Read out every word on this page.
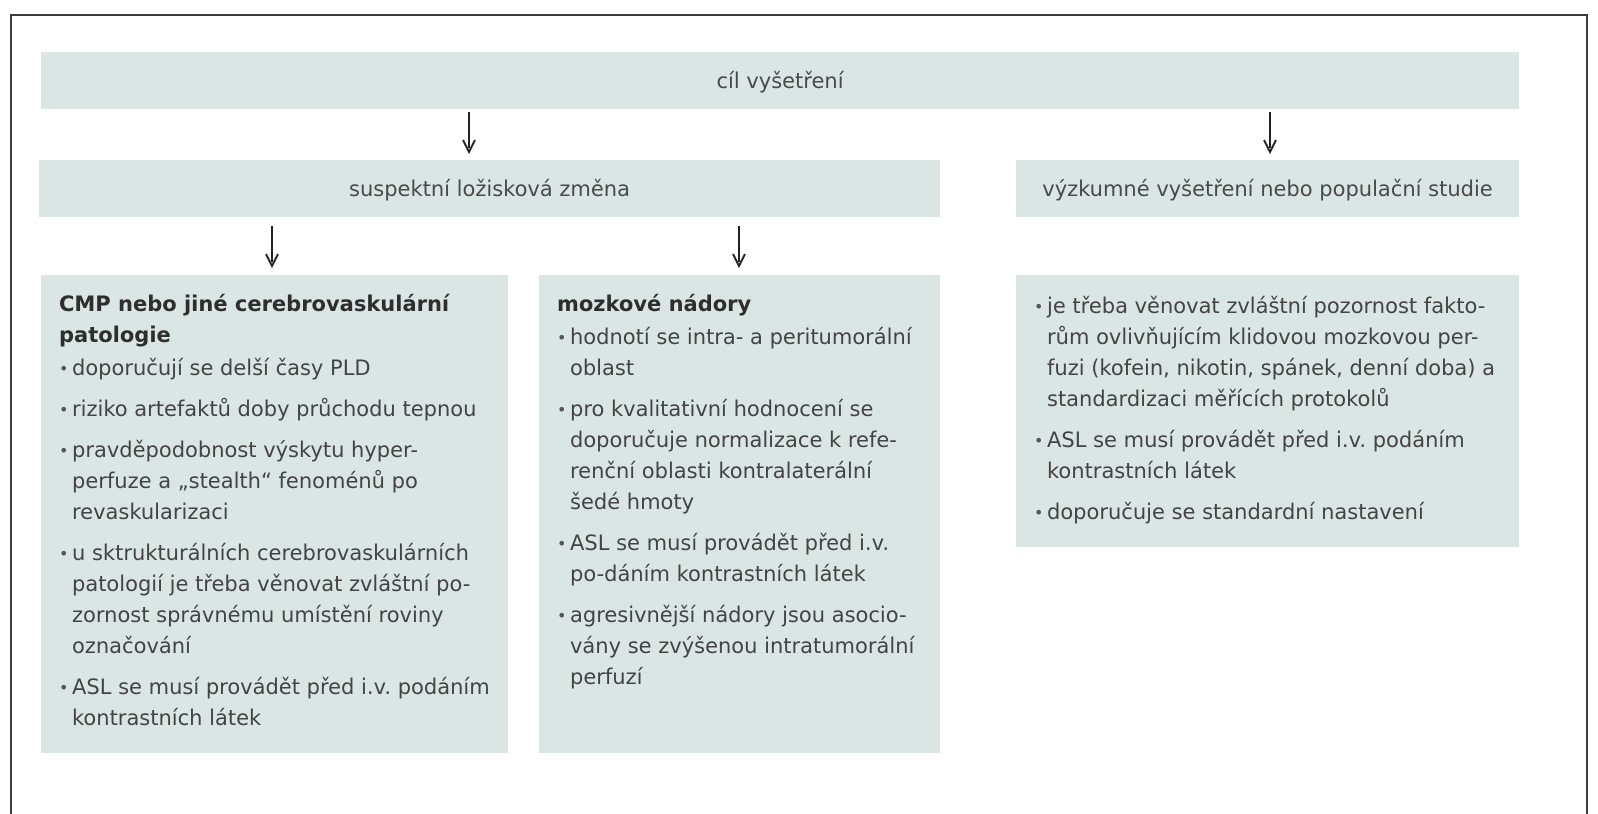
cíl vyšetření
suspektní ložisková změna	výzkumné vyšetření nebo populační studie
CMP nebo jiné cerebrovaskulární patologie
• doporučují se delší časy PLD
• riziko artefaktů doby průchodu tepnou
• pravděpodobnost výskytu hyper-perfuze a „stealth“ fenoménů po revaskularizaci
• u sktrukturálních cerebrovaskulárních patologií je třeba věnovat zvláštní po-zornost správnému umístění roviny označování
• ASL se musí provádět před i.v. podáním kontrastních látek
mozkové nádory
• hodnotí se intra- a peritumorální oblast
• pro kvalitativní hodnocení se doporučuje normalizace k refe-renční oblasti kontralaterální šedé hmoty
• ASL se musí provádět před i.v. po-dáním kontrastních látek
• agresivnější nádory jsou asocio-vány se zvýšenou intratumorální perfuzí
• je třeba věnovat zvláštní pozornost fakto-rům ovlivňujícím klidovou mozkovou per-fuzi (kofein, nikotin, spánek, denní doba) a standardizaci měřících protokolů
• ASL se musí provádět před i.v. podáním kontrastních látek
• doporučuje se standardní nastavení
